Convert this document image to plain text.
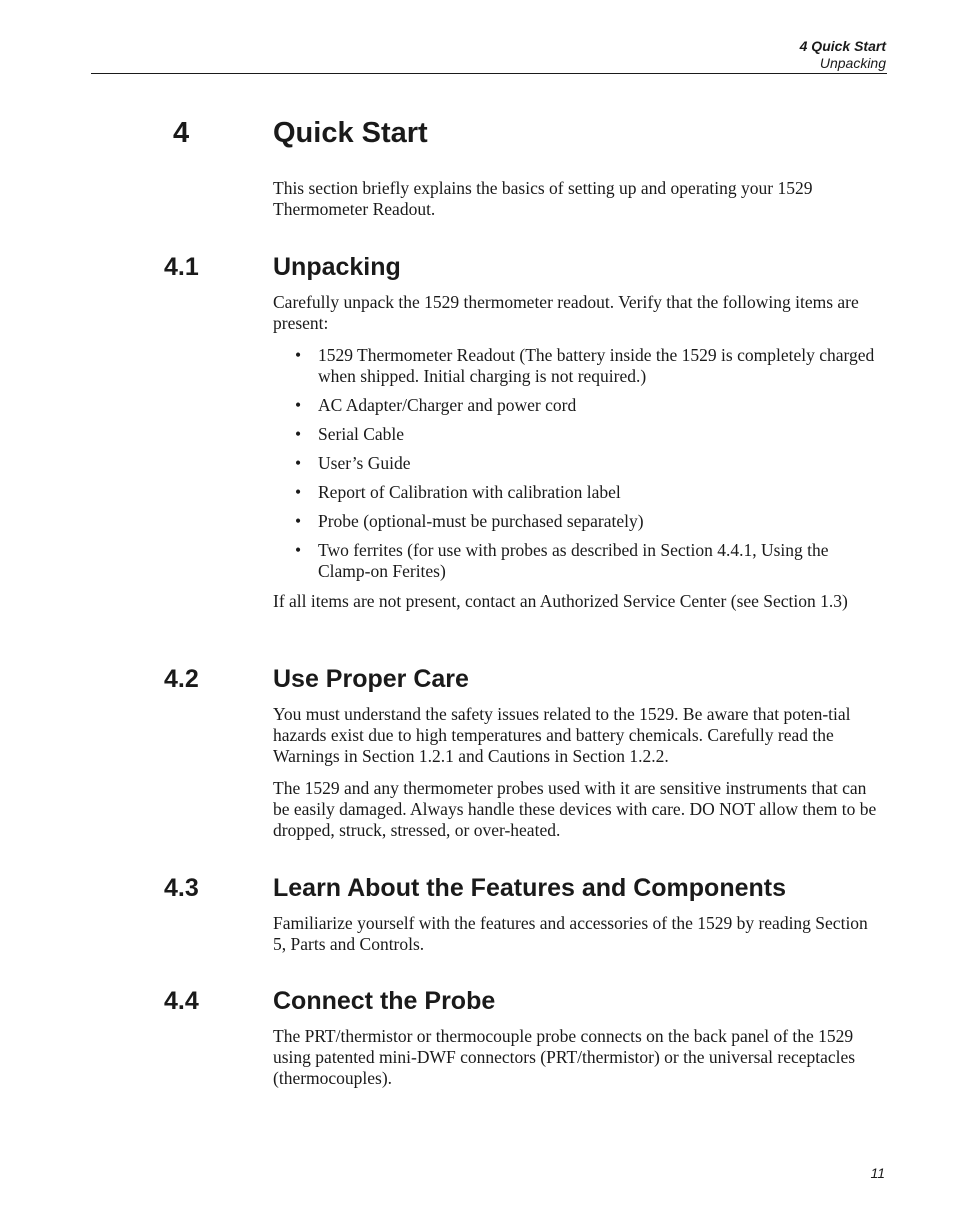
4 Quick Start
Unpacking
4	Quick Start

This section briefly explains the basics of setting up and operating your 1529 Thermometer Readout.

4.1	Unpacking

Carefully unpack the 1529 thermometer readout. Verify that the following items are present:

• 1529 Thermometer Readout (The battery inside the 1529 is completely charged when shipped. Initial charging is not required.)
• AC Adapter/Charger and power cord
• Serial Cable
• User’s Guide
• Report of Calibration with calibration label
• Probe (optional-must be purchased separately)
• Two ferrites (for use with probes as described in Section 4.4.1, Using the Clamp-on Ferites)

If all items are not present, contact an Authorized Service Center (see Section 1.3)

4.2	Use Proper Care

You must understand the safety issues related to the 1529. Be aware that poten-tial hazards exist due to high temperatures and battery chemicals. Carefully read the Warnings in Section 1.2.1 and Cautions in Section 1.2.2.

The 1529 and any thermometer probes used with it are sensitive instruments that can be easily damaged. Always handle these devices with care. DO NOT allow them to be dropped, struck, stressed, or over-heated.

4.3	Learn About the Features and Components

Familiarize yourself with the features and accessories of the 1529 by reading Section 5, Parts and Controls.

4.4	Connect the Probe

The PRT/thermistor or thermocouple probe connects on the back panel of the 1529 using patented mini-DWF connectors (PRT/thermistor) or the universal receptacles (thermocouples).

11
